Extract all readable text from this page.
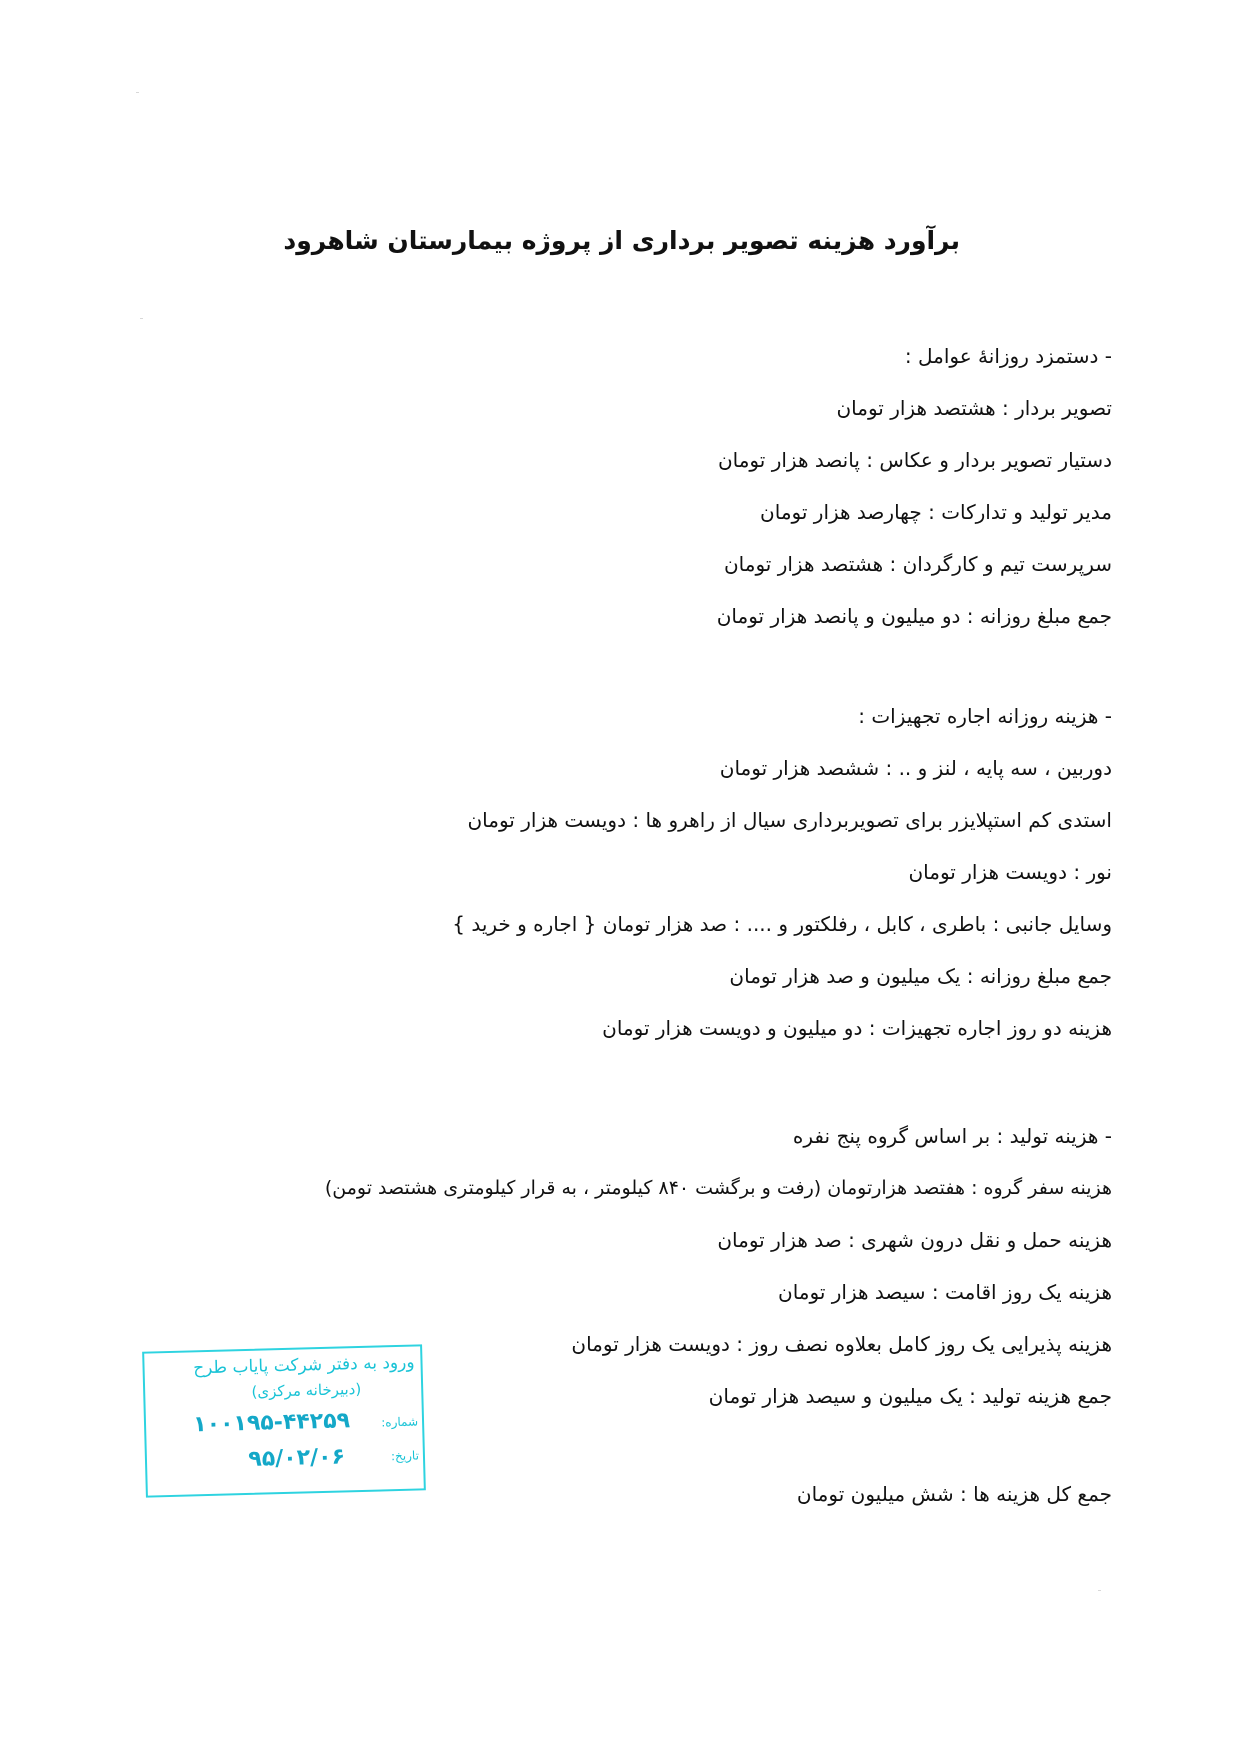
برآورد هزینه تصویر برداری از پروژه بیمارستان شاهرود
- دستمزد روزانهٔ عوامل :
تصویر بردار : هشتصد هزار تومان
دستیار تصویر بردار و عکاس : پانصد هزار تومان
مدیر تولید و تدارکات : چهارصد هزار تومان
سرپرست تیم و کارگردان : هشتصد هزار تومان
جمع مبلغ روزانه : دو میلیون و پانصد هزار تومان
- هزینه روزانه اجاره تجهیزات :
دوربین ، سه پایه ، لنز و .. : ششصد هزار تومان
استدی کم استپلایزر برای تصویربرداری سیال از راهرو ها : دویست هزار تومان
نور : دویست هزار تومان
وسایل جانبی : باطری ، کابل ، رفلکتور و .... : صد هزار تومان { اجاره و خرید }
جمع مبلغ روزانه : یک میلیون و صد هزار تومان
هزینه دو روز اجاره تجهیزات : دو میلیون و دویست هزار تومان
- هزینه تولید : بر اساس گروه پنج نفره
هزینه سفر گروه : هفتصد هزارتومان (رفت و برگشت ۸۴۰ کیلومتر ، به قرار کیلومتری هشتصد تومن)
هزینه حمل و نقل درون شهری : صد هزار تومان
هزینه یک روز اقامت : سیصد هزار تومان
هزینه پذیرایی یک روز کامل بعلاوه نصف روز : دویست هزار تومان
جمع هزینه تولید : یک میلیون و سیصد هزار تومان
جمع کل هزینه ها : شش میلیون تومان
ورود به دفتر شرکت پایاب طرح
(دبیرخانه مرکزی)
شماره:
۱۰۰۱۹۵-۴۴۲۵۹
تاریخ:
۹۵/۰۲/۰۶
